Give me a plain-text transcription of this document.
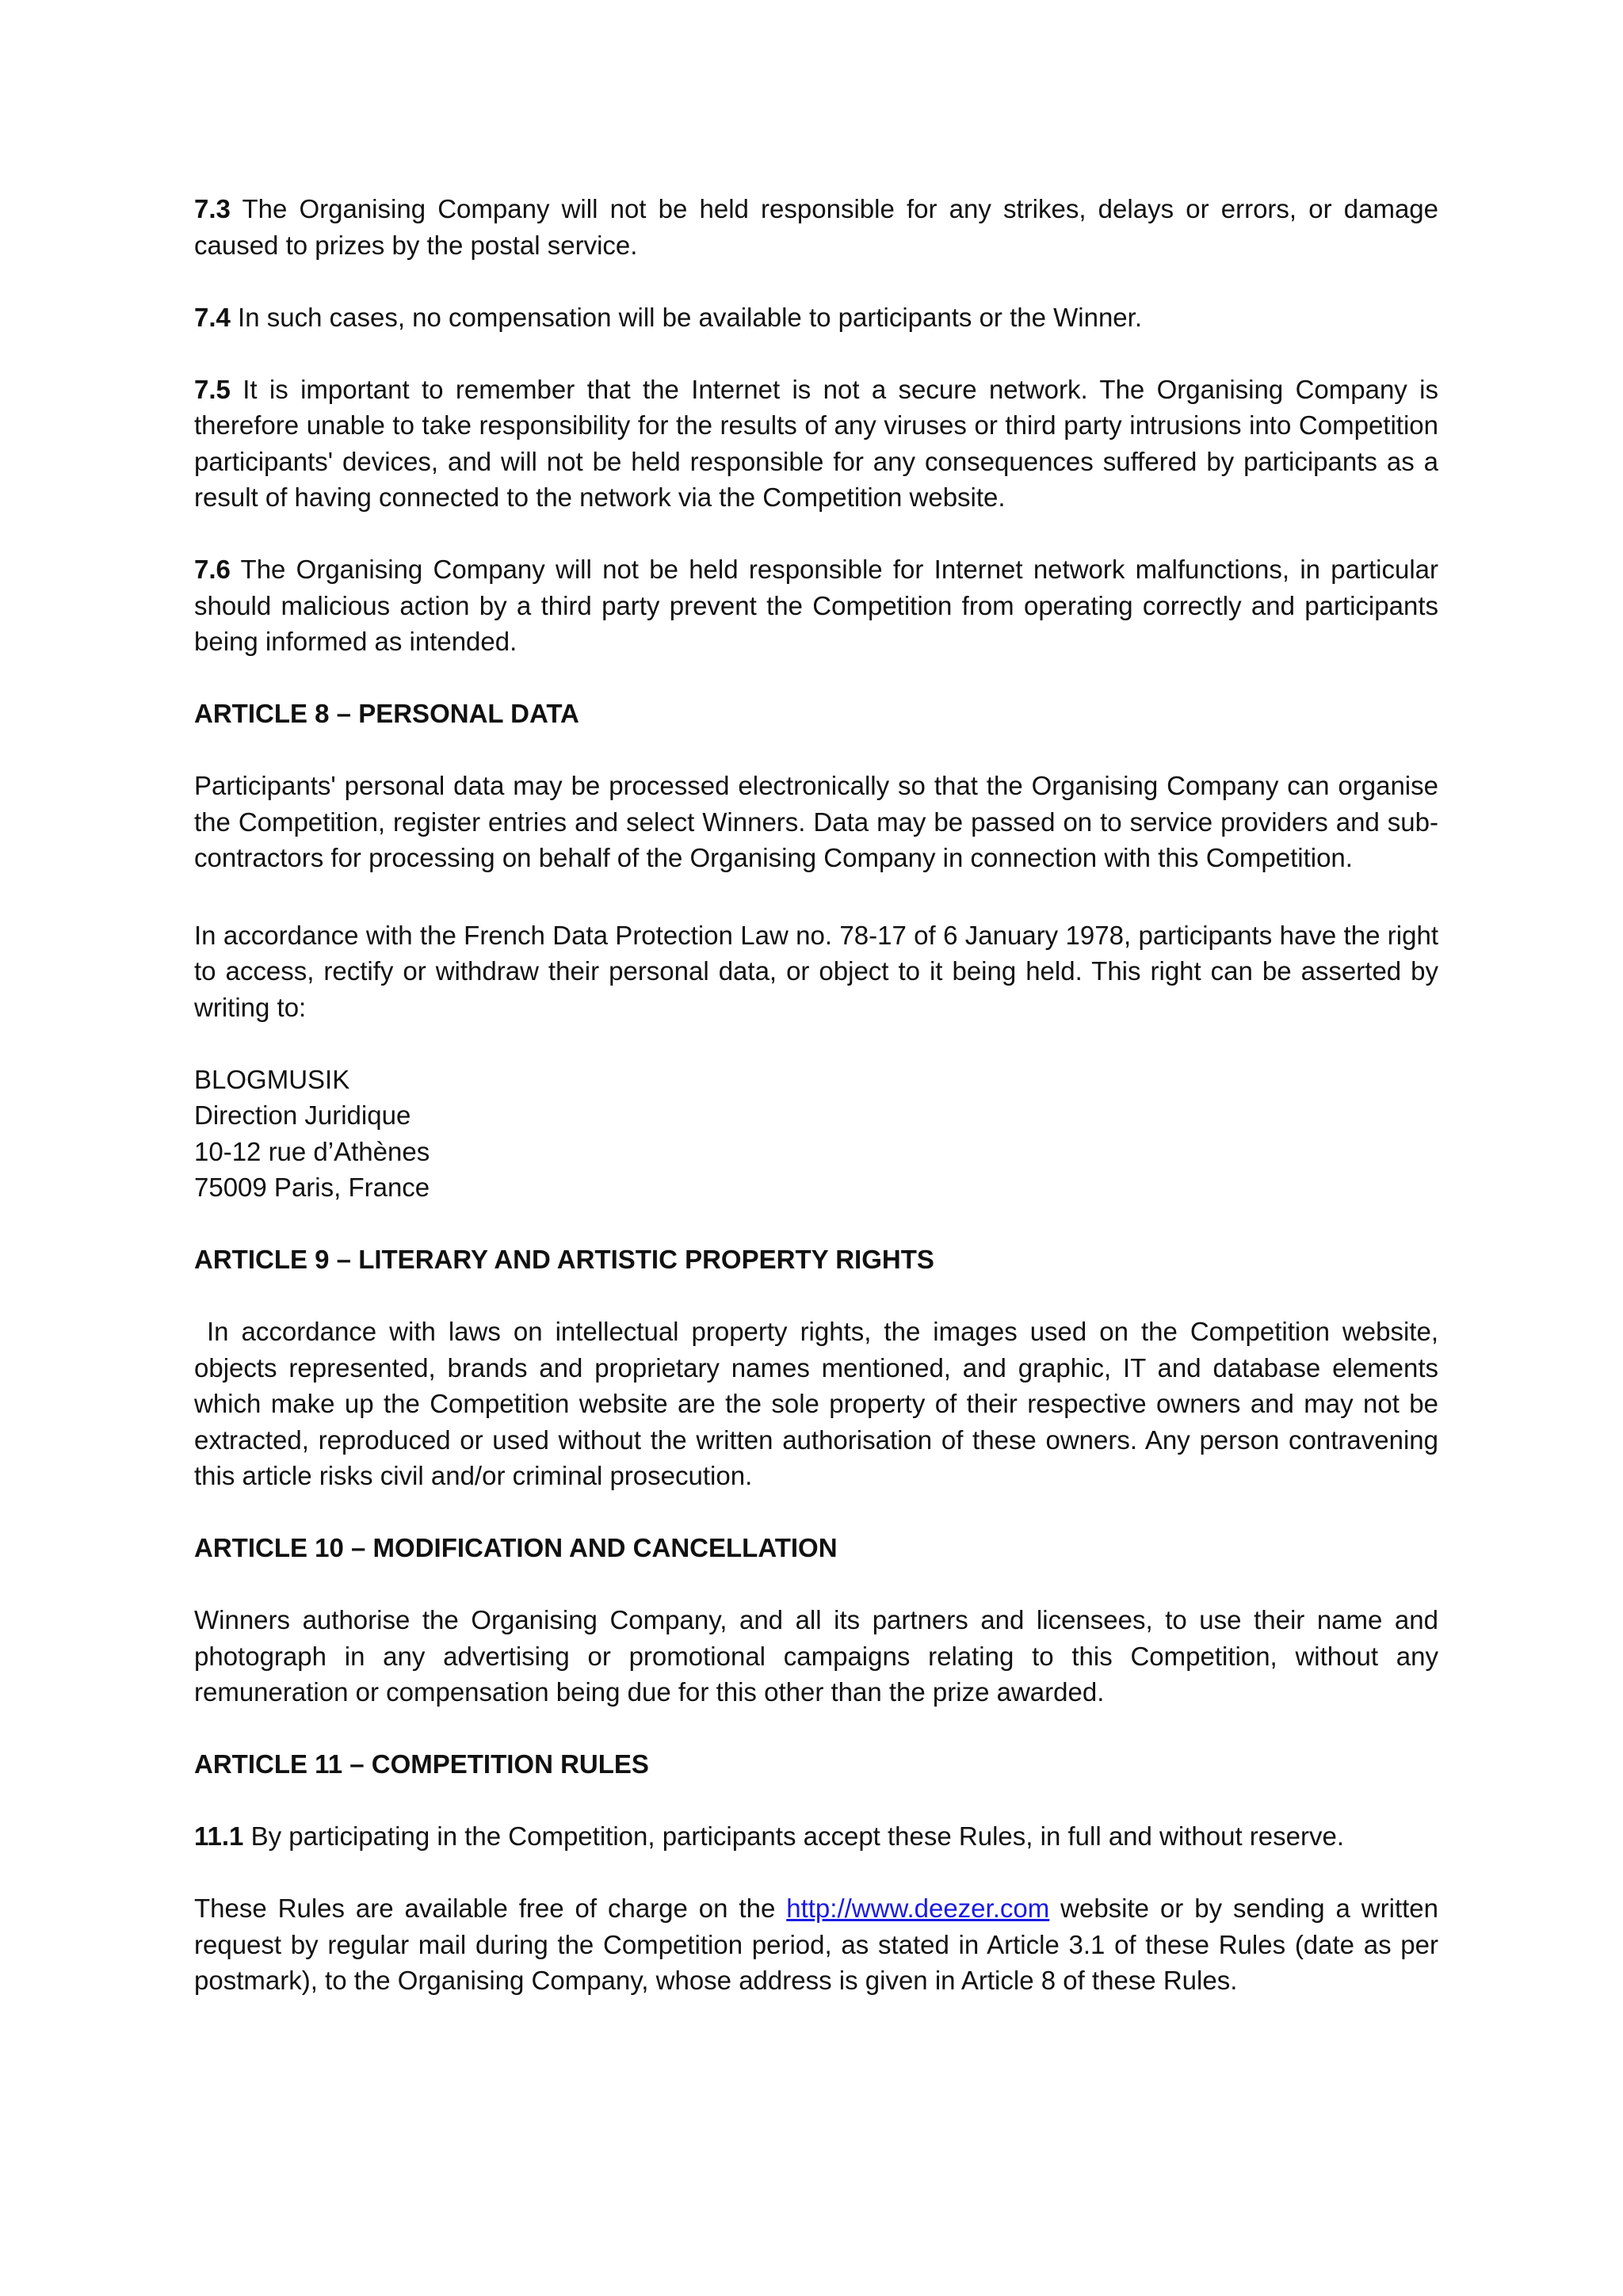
7.3 The Organising Company will not be held responsible for any strikes, delays or errors, or damage caused to prizes by the postal service.

7.4 In such cases, no compensation will be available to participants or the Winner.

7.5 It is important to remember that the Internet is not a secure network. The Organising Company is therefore unable to take responsibility for the results of any viruses or third party intrusions into Competition participants' devices, and will not be held responsible for any consequences suffered by participants as a result of having connected to the network via the Competition website.

7.6 The Organising Company will not be held responsible for Internet network malfunctions, in particular should malicious action by a third party prevent the Competition from operating correctly and participants being informed as intended.

ARTICLE 8 – PERSONAL DATA

Participants' personal data may be processed electronically so that the Organising Company can organise the Competition, register entries and select Winners. Data may be passed on to service providers and sub-contractors for processing on behalf of the Organising Company in connection with this Competition.

In accordance with the French Data Protection Law no. 78-17 of 6 January 1978, participants have the right to access, rectify or withdraw their personal data, or object to it being held. This right can be asserted by writing to:

BLOGMUSIK
Direction Juridique
10-12 rue d’Athènes
75009 Paris, France

ARTICLE 9 – LITERARY AND ARTISTIC PROPERTY RIGHTS

In accordance with laws on intellectual property rights, the images used on the Competition website, objects represented, brands and proprietary names mentioned, and graphic, IT and database elements which make up the Competition website are the sole property of their respective owners and may not be extracted, reproduced or used without the written authorisation of these owners. Any person contravening this article risks civil and/or criminal prosecution.

ARTICLE 10 – MODIFICATION AND CANCELLATION

Winners authorise the Organising Company, and all its partners and licensees, to use their name and photograph in any advertising or promotional campaigns relating to this Competition, without any remuneration or compensation being due for this other than the prize awarded.

ARTICLE 11 – COMPETITION RULES

11.1 By participating in the Competition, participants accept these Rules, in full and without reserve.

These Rules are available free of charge on the http://www.deezer.com website or by sending a written request by regular mail during the Competition period, as stated in Article 3.1 of these Rules (date as per postmark), to the Organising Company, whose address is given in Article 8 of these Rules.
